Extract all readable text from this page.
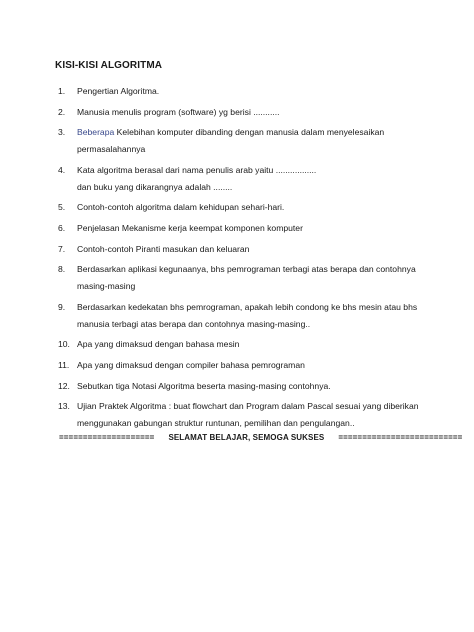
KISI-KISI ALGORITMA
1.	Pengertian Algoritma.
2.	Manusia menulis program (software) yg berisi ...........
3.	Beberapa Kelebihan komputer dibanding dengan manusia dalam menyelesaikan
permasalahannya
4.	Kata algoritma berasal dari nama penulis arab yaitu .................
dan buku yang dikarangnya adalah ........
5.	Contoh-contoh algoritma dalam kehidupan sehari-hari.
6.	Penjelasan Mekanisme kerja keempat komponen komputer
7.	Contoh-contoh Piranti masukan dan keluaran
8.	Berdasarkan aplikasi kegunaanya, bhs pemrograman terbagi atas berapa dan contohnya
masing-masing
9.	Berdasarkan kedekatan bhs pemrograman, apakah lebih condong ke bhs mesin atau bhs
manusia terbagi atas berapa dan contohnya masing-masing..
10. Apa yang dimaksud dengan bahasa mesin
11. Apa yang dimaksud dengan compiler bahasa pemrograman
12. Sebutkan tiga Notasi Algoritma beserta masing-masing contohnya.
13. Ujian Praktek Algoritma : buat flowchart dan Program dalam Pascal sesuai yang diberikan
menggunakan gabungan struktur runtunan, pemilihan dan pengulangan..
==================== SELAMAT BELAJAR, SEMOGA SUKSES ==========================
